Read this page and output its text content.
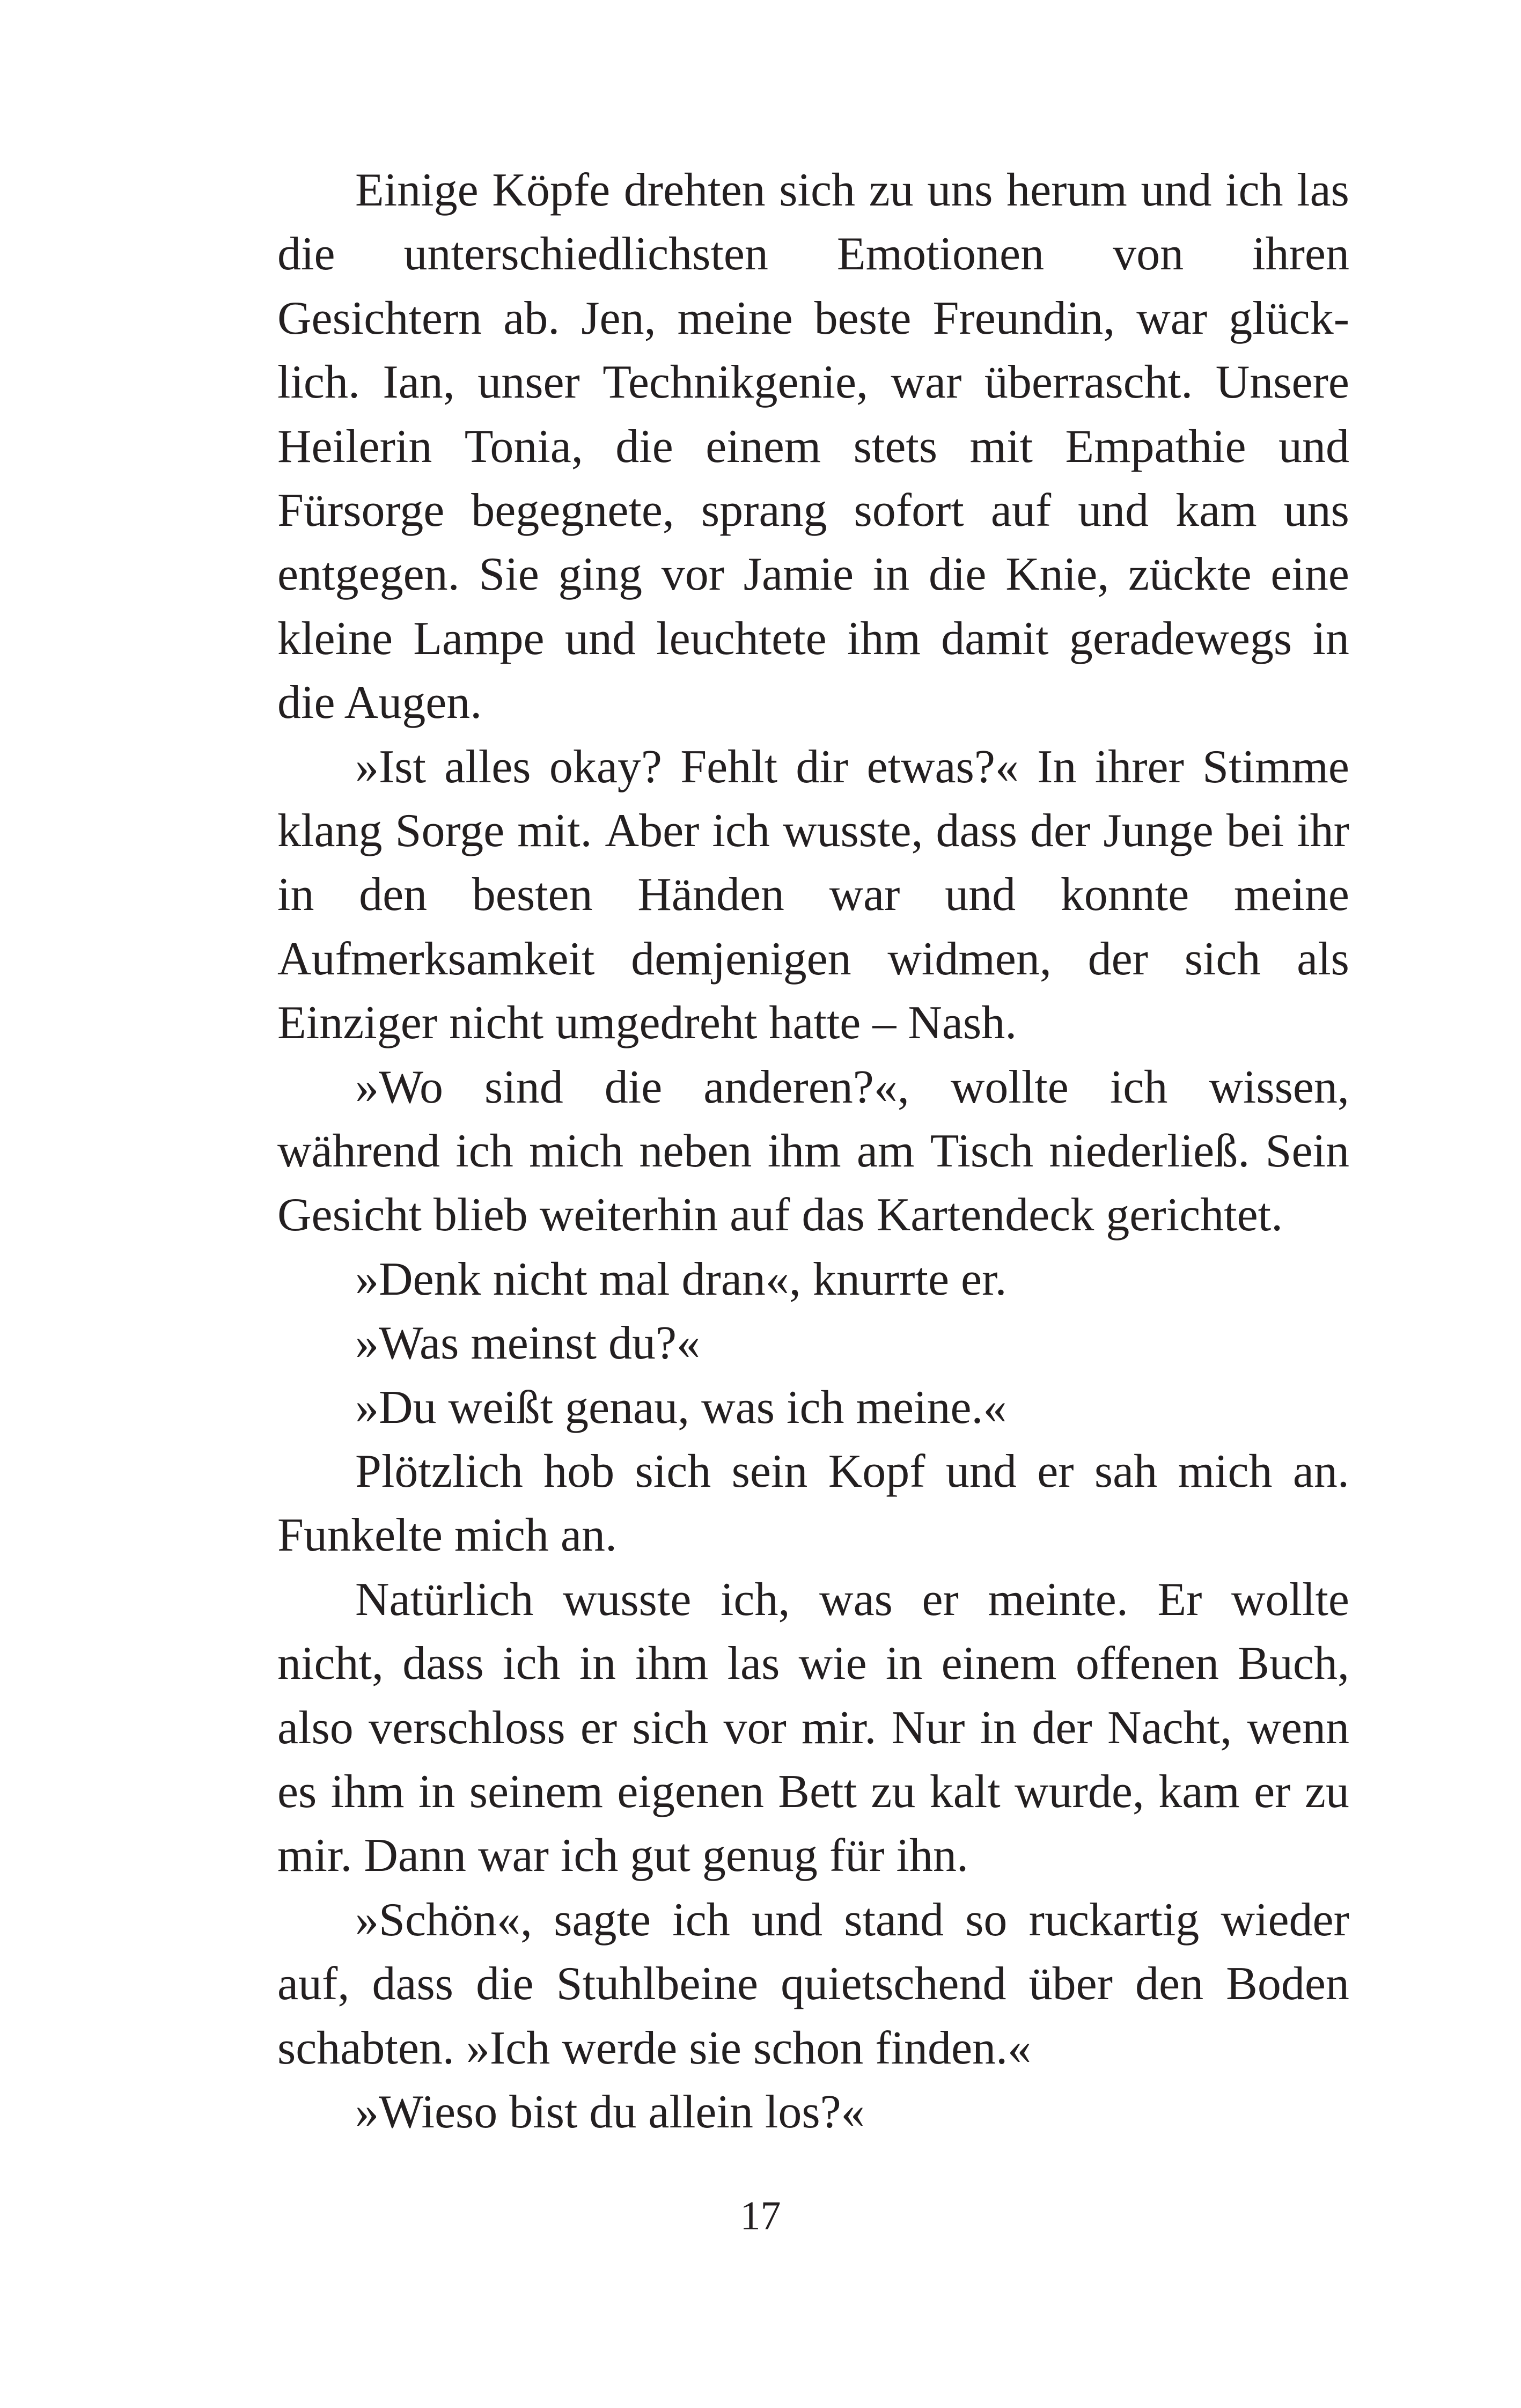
Einige Köpfe drehten sich zu uns herum und ich las
die unterschiedlichsten Emotionen von ihren
Gesichtern ab. Jen, meine beste Freundin, war glück-
lich. Ian, unser Technikgenie, war überrascht. Unsere
Heilerin Tonia, die einem stets mit Empathie und
Fürsorge begegnete, sprang sofort auf und kam uns
entgegen. Sie ging vor Jamie in die Knie, zückte eine
kleine Lampe und leuchtete ihm damit geradewegs in
die Augen.
»Ist alles okay? Fehlt dir etwas?« In ihrer Stimme
klang Sorge mit. Aber ich wusste, dass der Junge bei ihr
in den besten Händen war und konnte meine
Aufmerksamkeit demjenigen widmen, der sich als
Einziger nicht umgedreht hatte – Nash.
»Wo sind die anderen?«, wollte ich wissen,
während ich mich neben ihm am Tisch niederließ. Sein
Gesicht blieb weiterhin auf das Kartendeck gerichtet.
»Denk nicht mal dran«, knurrte er.
»Was meinst du?«
»Du weißt genau, was ich meine.«
Plötzlich hob sich sein Kopf und er sah mich an.
Funkelte mich an.
Natürlich wusste ich, was er meinte. Er wollte
nicht, dass ich in ihm las wie in einem offenen Buch,
also verschloss er sich vor mir. Nur in der Nacht, wenn
es ihm in seinem eigenen Bett zu kalt wurde, kam er zu
mir. Dann war ich gut genug für ihn.
»Schön«, sagte ich und stand so ruckartig wieder
auf, dass die Stuhlbeine quietschend über den Boden
schabten. »Ich werde sie schon finden.«
»Wieso bist du allein los?«
17
